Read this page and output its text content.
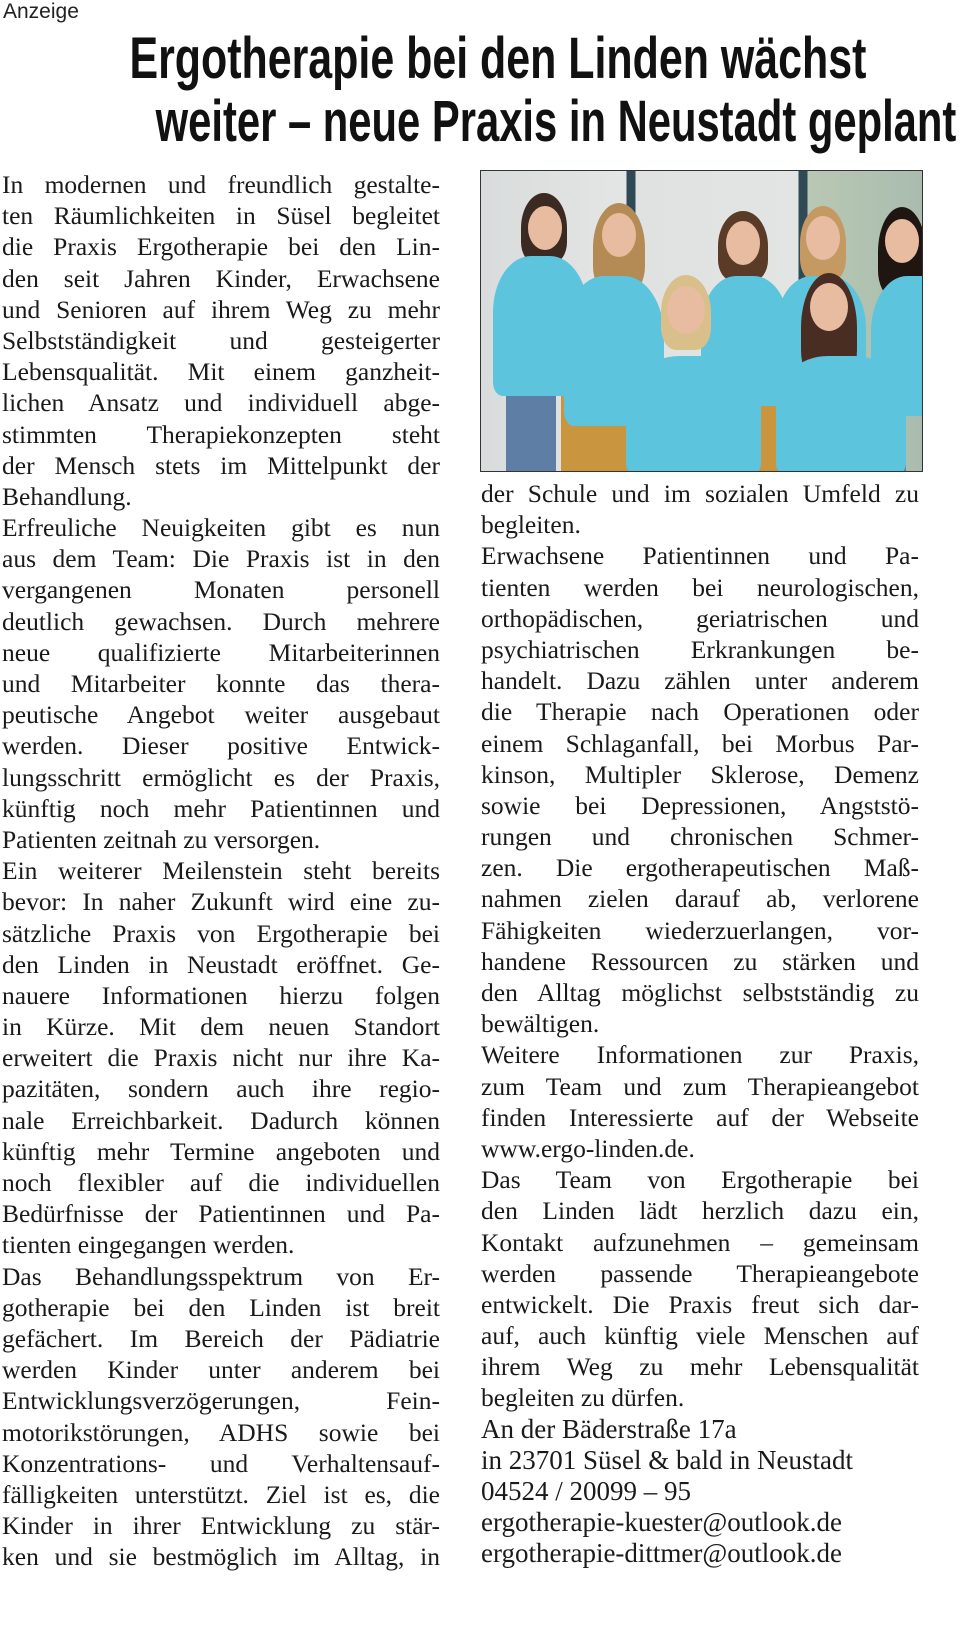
Anzeige
Ergotherapie bei den Linden wächst
weiter – neue Praxis in Neustadt geplant
In modernen und freundlich gestalte-
ten Räumlichkeiten in Süsel begleitet
die Praxis Ergotherapie bei den Lin-
den seit Jahren Kinder, Erwachsene
und Senioren auf ihrem Weg zu mehr
Selbstständigkeit und gesteigerter
Lebensqualität. Mit einem ganzheit-
lichen Ansatz und individuell abge-
stimmten Therapiekonzepten steht
der Mensch stets im Mittelpunkt der
Behandlung.
Erfreuliche Neuigkeiten gibt es nun
aus dem Team: Die Praxis ist in den
vergangenen Monaten personell
deutlich gewachsen. Durch mehrere
neue qualifizierte Mitarbeiterinnen
und Mitarbeiter konnte das thera-
peutische Angebot weiter ausgebaut
werden. Dieser positive Entwick-
lungsschritt ermöglicht es der Praxis,
künftig noch mehr Patientinnen und
Patienten zeitnah zu versorgen.
Ein weiterer Meilenstein steht bereits
bevor: In naher Zukunft wird eine zu-
sätzliche Praxis von Ergotherapie bei
den Linden in Neustadt eröffnet. Ge-
nauere Informationen hierzu folgen
in Kürze. Mit dem neuen Standort
erweitert die Praxis nicht nur ihre Ka-
pazitäten, sondern auch ihre regio-
nale Erreichbarkeit. Dadurch können
künftig mehr Termine angeboten und
noch flexibler auf die individuellen
Bedürfnisse der Patientinnen und Pa-
tienten eingegangen werden.
Das Behandlungsspektrum von Er-
gotherapie bei den Linden ist breit
gefächert. Im Bereich der Pädiatrie
werden Kinder unter anderem bei
Entwicklungsverzögerungen, Fein-
motorikstörungen, ADHS sowie bei
Konzentrations- und Verhaltensauf-
fälligkeiten unterstützt. Ziel ist es, die
Kinder in ihrer Entwicklung zu stär-
ken und sie bestmöglich im Alltag, in
der Schule und im sozialen Umfeld zu
begleiten.
Erwachsene Patientinnen und Pa-
tienten werden bei neurologischen,
orthopädischen, geriatrischen und
psychiatrischen Erkrankungen be-
handelt. Dazu zählen unter anderem
die Therapie nach Operationen oder
einem Schlaganfall, bei Morbus Par-
kinson, Multipler Sklerose, Demenz
sowie bei Depressionen, Angststö-
rungen und chronischen Schmer-
zen. Die ergotherapeutischen Maß-
nahmen zielen darauf ab, verlorene
Fähigkeiten wiederzuerlangen, vor-
handene Ressourcen zu stärken und
den Alltag möglichst selbstständig zu
bewältigen.
Weitere Informationen zur Praxis,
zum Team und zum Therapieangebot
finden Interessierte auf der Webseite
www.ergo-linden.de.
Das Team von Ergotherapie bei
den Linden lädt herzlich dazu ein,
Kontakt aufzunehmen – gemeinsam
werden passende Therapieangebote
entwickelt. Die Praxis freut sich dar-
auf, auch künftig viele Menschen auf
ihrem Weg zu mehr Lebensqualität
begleiten zu dürfen.
An der Bäderstraße 17a
in 23701 Süsel & bald in Neustadt
04524 / 20099 – 95
ergotherapie-kuester@outlook.de
ergotherapie-dittmer@outlook.de
